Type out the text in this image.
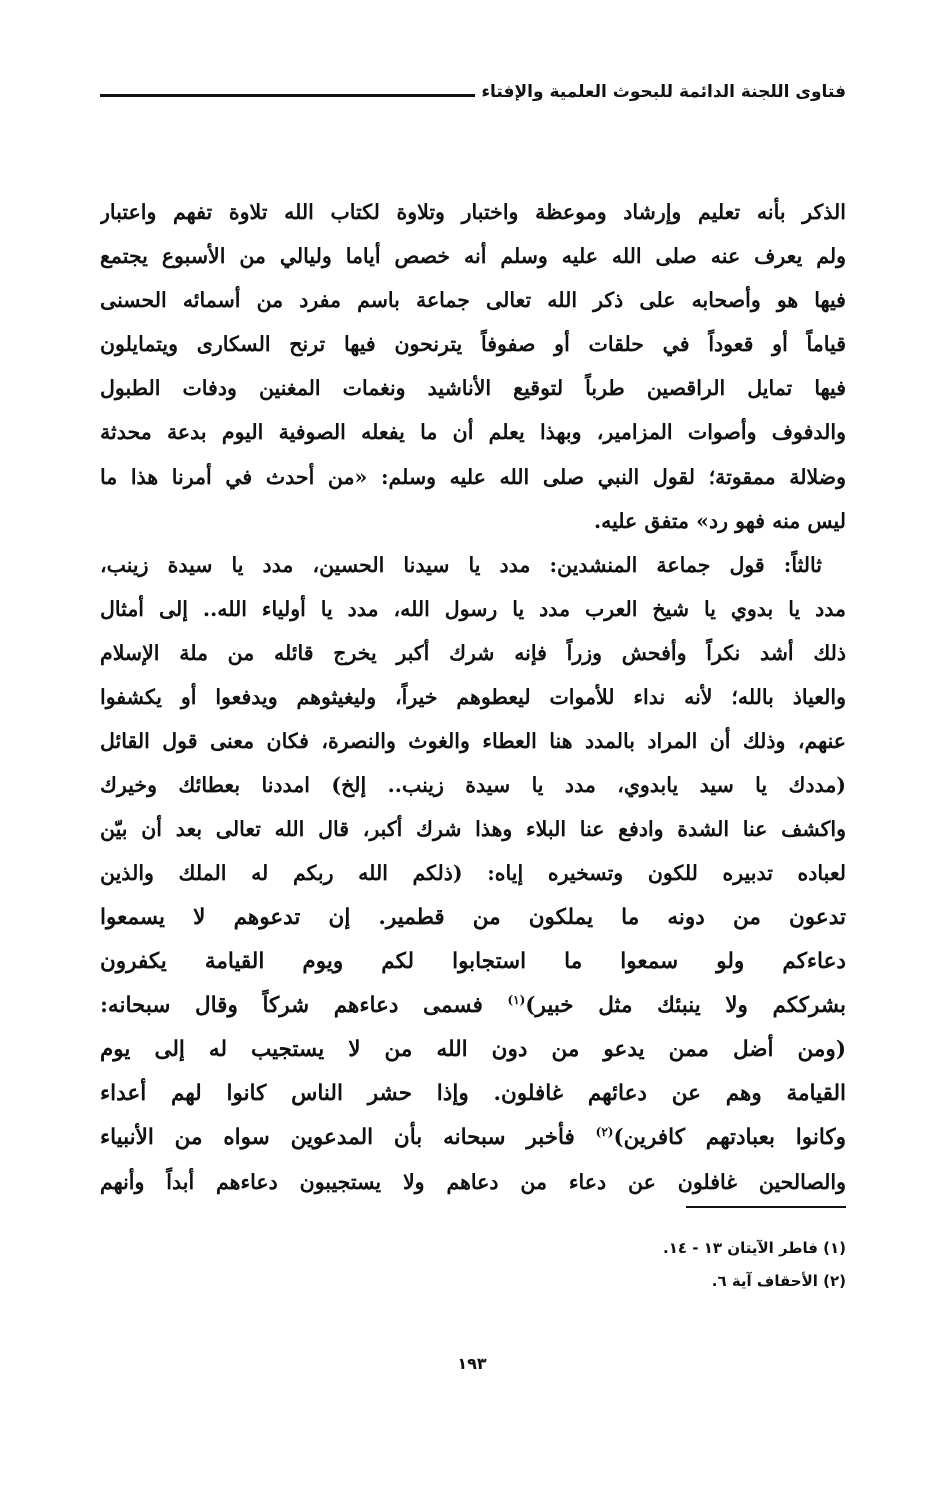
فتاوى اللجنة الدائمة للبحوث العلمية والإفتاء
الذكر بأنه تعليم وإرشاد وموعظة واختبار وتلاوة لكتاب الله تلاوة تفهم واعتبار
ولم يعرف عنه صلى الله عليه وسلم أنه خصص أياما وليالي من الأسبوع يجتمع
فيها هو وأصحابه على ذكر الله تعالى جماعة باسم مفرد من أسمائه الحسنى
قياماً أو قعوداً في حلقات أو صفوفاً يترنحون فيها ترنح السكارى ويتمايلون
فيها تمايل الراقصين طرباً لتوقيع الأناشيد ونغمات المغنين ودفات الطبول
والدفوف وأصوات المزامير، وبهذا يعلم أن ما يفعله الصوفية اليوم بدعة محدثة
وضلالة ممقوتة؛ لقول النبي صلى الله عليه وسلم: «من أحدث في أمرنا هذا ما
ليس منه فهو رد» متفق عليه.
ثالثاً: قول جماعة المنشدين: مدد يا سيدنا الحسين، مدد يا سيدة زينب،
مدد يا بدوي يا شيخ العرب مدد يا رسول الله، مدد يا أولياء الله.. إلى أمثال
ذلك أشد نكراً وأفحش وزراً فإنه شرك أكبر يخرج قائله من ملة الإسلام
والعياذ بالله؛ لأنه نداء للأموات ليعطوهم خيراً، وليغيثوهم ويدفعوا أو يكشفوا
عنهم، وذلك أن المراد بالمدد هنا العطاء والغوث والنصرة، فكان معنى قول القائل
(مددك يا سيد يابدوي، مدد يا سيدة زينب.. إلخ) امددنا بعطائك وخيرك
واكشف عنا الشدة وادفع عنا البلاء وهذا شرك أكبر، قال الله تعالى بعد أن بيّن
لعباده تدبيره للكون وتسخيره إياه: (ذلكم الله ربكم له الملك والذين
تدعون من دونه ما يملكون من قطمير. إن تدعوهم لا يسمعوا
دعاءكم ولو سمعوا ما استجابوا لكم ويوم القيامة يكفرون
بشرككم ولا ينبئك مثل خبير)$^{(١)}$ فسمى دعاءهم شركاً وقال سبحانه:
(ومن أضل ممن يدعو من دون الله من لا يستجيب له إلى يوم
القيامة وهم عن دعائهم غافلون. وإذا حشر الناس كانوا لهم أعداء
وكانوا بعبادتهم كافرين)$^{(٢)}$ فأخبر سبحانه بأن المدعوين سواه من الأنبياء
والصالحين غافلون عن دعاء من دعاهم ولا يستجيبون دعاءهم أبداً وأنهم
(١) فاطر الآيتان ١٣ - ١٤.
(٢) الأحقاف آية ٦.
١٩٣
